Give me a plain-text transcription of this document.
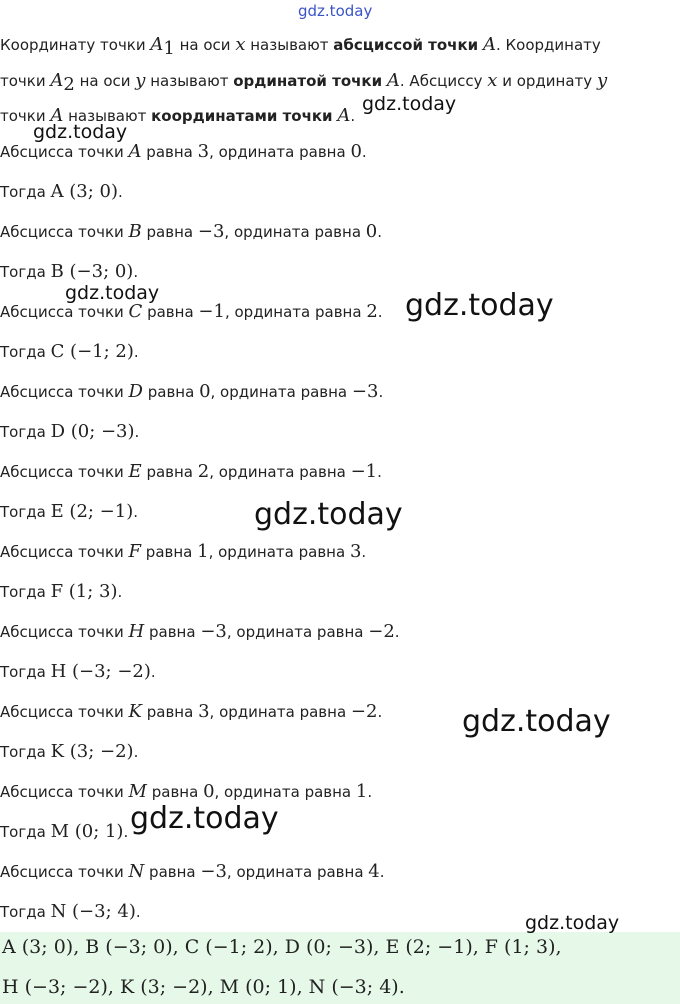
Координату точки $A_1$ на оси x называют абсциссой точки A. Координату
точки $A_2$ на оси y называют ординатой точки A. Абсциссу x и ординату y
точки A называют координатами точки A.
Абсцисса точки A равна 3, ордината равна 0.
Тогда A (3; 0).
Абсцисса точки B равна −3, ордината равна 0.
Тогда B (−3; 0).
Абсцисса точки C равна −1, ордината равна 2.
Тогда C (−1; 2).
Абсцисса точки D равна 0, ордината равна −3.
Тогда D (0; −3).
Абсцисса точки E равна 2, ордината равна −1.
Тогда E (2; −1).
Абсцисса точки F равна 1, ордината равна 3.
Тогда F (1; 3).
Абсцисса точки H равна −3, ордината равна −2.
Тогда H (−3; −2).
Абсцисса точки K равна 3, ордината равна −2.
Тогда K (3; −2).
Абсцисса точки M равна 0, ордината равна 1.
Тогда M (0; 1).
Абсцисса точки N равна −3, ордината равна 4.
Тогда N (−3; 4).
A (3; 0), B (−3; 0), C (−1; 2), D (0; −3), E (2; −1), F (1; 3),
H (−3; −2), K (3; −2), M (0; 1), N (−3; 4).
gdz.today
gdz.today
gdz.today
gdz.today	gdz.today
gdz.today
gdz.today
gdz.today
gdz.today
